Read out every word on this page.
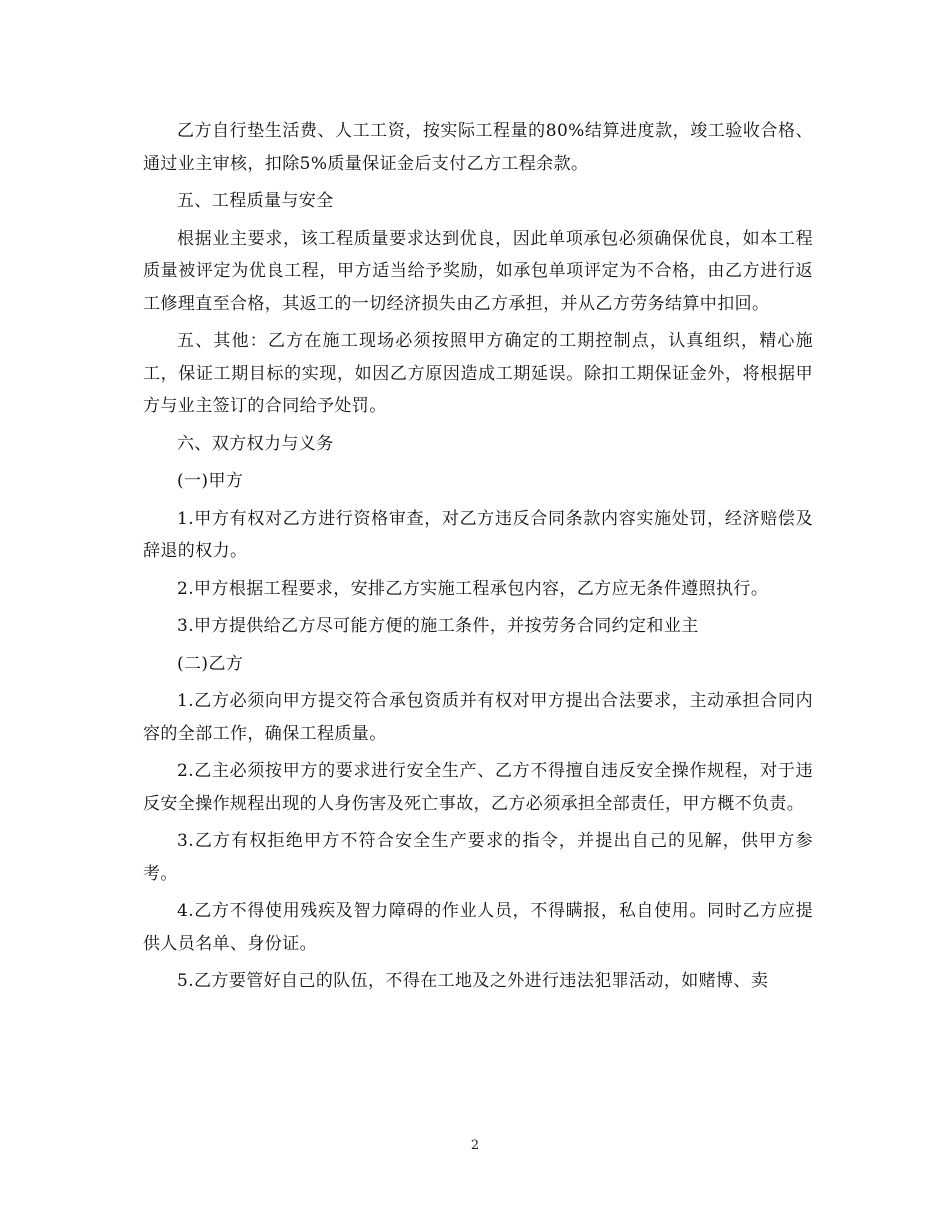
乙方自行垫生活费、人工工资，按实际工程量的80%结算进度款，竣工验收合格、通过业主审核，扣除5%质量保证金后支付乙方工程余款。

五、工程质量与安全

根据业主要求，该工程质量要求达到优良，因此单项承包必须确保优良，如本工程质量被评定为优良工程，甲方适当给予奖励，如承包单项评定为不合格，由乙方进行返工修理直至合格，其返工的一切经济损失由乙方承担，并从乙方劳务结算中扣回。

五、其他：乙方在施工现场必须按照甲方确定的工期控制点，认真组织，精心施工，保证工期目标的实现，如因乙方原因造成工期延误。除扣工期保证金外，将根据甲方与业主签订的合同给予处罚。

六、双方权力与义务

(一)甲方

1.甲方有权对乙方进行资格审查，对乙方违反合同条款内容实施处罚，经济赔偿及辞退的权力。

2.甲方根据工程要求，安排乙方实施工程承包内容，乙方应无条件遵照执行。

3.甲方提供给乙方尽可能方便的施工条件，并按劳务合同约定和业主

(二)乙方

1.乙方必须向甲方提交符合承包资质并有权对甲方提出合法要求，主动承担合同内容的全部工作，确保工程质量。

2.乙主必须按甲方的要求进行安全生产、乙方不得擅自违反安全操作规程，对于违反安全操作规程出现的人身伤害及死亡事故，乙方必须承担全部责任，甲方概不负责。

3.乙方有权拒绝甲方不符合安全生产要求的指令，并提出自己的见解，供甲方参考。

4.乙方不得使用残疾及智力障碍的作业人员，不得瞒报，私自使用。同时乙方应提供人员名单、身份证。

5.乙方要管好自己的队伍，不得在工地及之外进行违法犯罪活动，如赌博、卖

2
